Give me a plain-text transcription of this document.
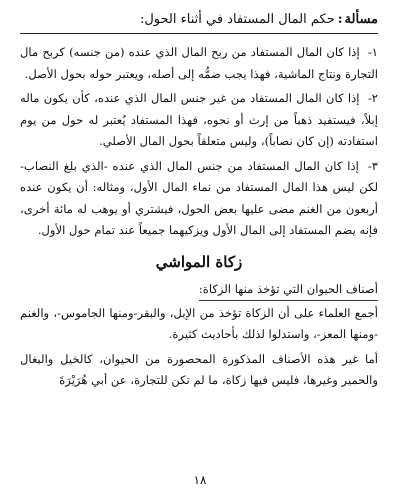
مسألة
:
حكم المال المستفاد في أثناء الحول:

١- إذا كان المال المستفاد من ربح المال الذي عنده (من جنسه) كربح مال التجارة ونتاج الماشية، فهذا يجب ضمُّه إلى أصله، ويعتبر حوله بحول الأصل.

٢- إذا كان المال المستفاد من غير جنس المال الذي عنده، كأن يكون ماله إبلاً، فيستفيد ذهباً من إرث أو نحوه، فهذا المستفاد يُعتبر له حول من يوم استفادته (إن كان نصاباً)، وليس متعلقاً بحول المال الأصلي.

٣- إذا كان المال المستفاد من جنس المال الذي عنده -الذي بلغ النصاب- لكن ليس هذا المال المستفاد من نماء المال الأول، ومثاله: أن يكون عنده أربعون من الغنم مضى عليها بعض الحول، فيشتري أو يوهب له مائة أخرى، فإنه يضم المستفاد إلى المال الأول ويزكيهما جميعاً عند تمام حول الأول.

زكاة المواشي
أصناف الحيوان التي تؤخذ منها الزكاة:

أجمع العلماء على أن الزكاة تؤخذ من الإبل، والبقر-ومنها الجاموس-، والغنم -ومنها المعز-، واستدلوا لذلك بأحاديث كثيرة.

أما غير هذه الأصناف المذكورة المحصورة من الحيوان، كالخيل والبغال والحمير وغيرها، فليس فيها زكاة، ما لم تكن للتجارة، عن أبي هُرَيْرَةَ

١٨
